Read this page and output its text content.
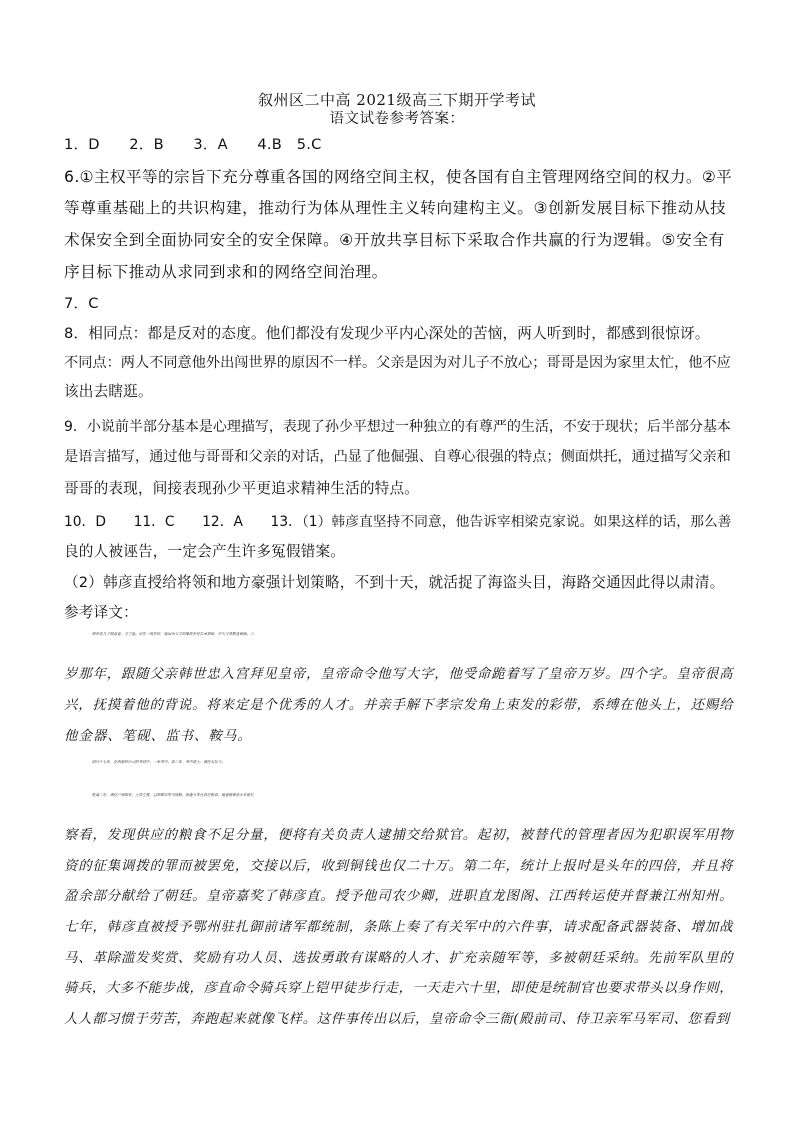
叙州区二中高 2021级高三下期开学考试
语文试卷参考答案：
1．D　　2．B　　3．A　　4.B　5.C
6.①主权平等的宗旨下充分尊重各国的网络空间主权，使各国有自主管理网络空间的权力。②平
等尊重基础上的共识构建，推动行为体从理性主义转向建构主义。③创新发展目标下推动从技
术保安全到全面协同安全的安全保障。④开放共享目标下采取合作共赢的行为逻辑。⑤安全有
序目标下推动从求同到求和的网络空间治理。
7．C
8．相同点：都是反对的态度。他们都没有发现少平内心深处的苦恼，两人听到时，都感到很惊讶。
不同点：两人不同意他外出闯世界的原因不一样。父亲是因为对儿子不放心；哥哥是因为家里太忙，他不应
该出去瞎逛。
9．小说前半部分基本是心理描写，表现了孙少平想过一种独立的有尊严的生活，不安于现状；后半部分基本
是语言描写，通过他与哥哥和父亲的对话，凸显了他倔强、自尊心很强的特点；侧面烘托，通过描写父亲和
哥哥的表现，间接表现孙少平更追求精神生活的特点。
10．D　　11．C　　12．A　　13．（1）韩彦直坚持不同意，他告诉宰相梁克家说。如果这样的话，那么善
良的人被诬告，一定会产生许多冤假错案。
（2）韩彦直授给将领和地方豪强计划策略，不到十天，就活捉了海盗头目，海路交通因此得以肃清。
参考译文：
韩世忠儿子韩彦直，字子温。出生一周岁时，他因为父亲的缘故补任右承奉郎，不久又晋职直秘阁。六
岁那年，跟随父亲韩世忠入宫拜见皇帝，皇帝命令他写大字，他受命跪着写了皇帝万岁。四个字。皇帝很高
兴，抚摸着他的背说。将来定是个优秀的人才。并亲手解下孝宗发角上束发的彩带，系缚在他头上，还赐给
他金器、笔砚、监书、鞍马。
绍兴十七年，在两浙转运司的考试中，一举考中。第二年，考中进士，调任太社令。
乾道二年，调任户部郎官、主管左曹。总领淮东军马钱粮，恰逢大军仓供应粮食，他直接乘坐小车前往
察看，发现供应的粮食不足分量，便将有关负责人逮捕交给狱官。起初，被替代的管理者因为犯职误军用物
资的征集调拨的罪而被罢免，交接以后，收到铜钱也仅二十万。第二年，统计上报时是头年的四倍，并且将
盈余部分献给了朝廷。皇帝嘉奖了韩彦直。授予他司农少卿，进职直龙图阁、江西转运使并督兼江州知州。
七年，韩彦直被授予鄂州驻扎御前诸军都统制，条陈上奏了有关军中的六件事，请求配备武器装备、增加战
马、革除滥发奖赏、奖励有功人员、选拔勇敢有谋略的人才、扩充亲随军等，多被朝廷采纳。先前军队里的
骑兵，大多不能步战，彦直命令骑兵穿上铠甲徒步行走，一天走六十里，即使是统制官也要求带头以身作则，
人人都习惯于劳苦，奔跑起来就像飞样。这件事传出以后，皇帝命令三衙(殿前司、侍卫亲军马军司、您看到
